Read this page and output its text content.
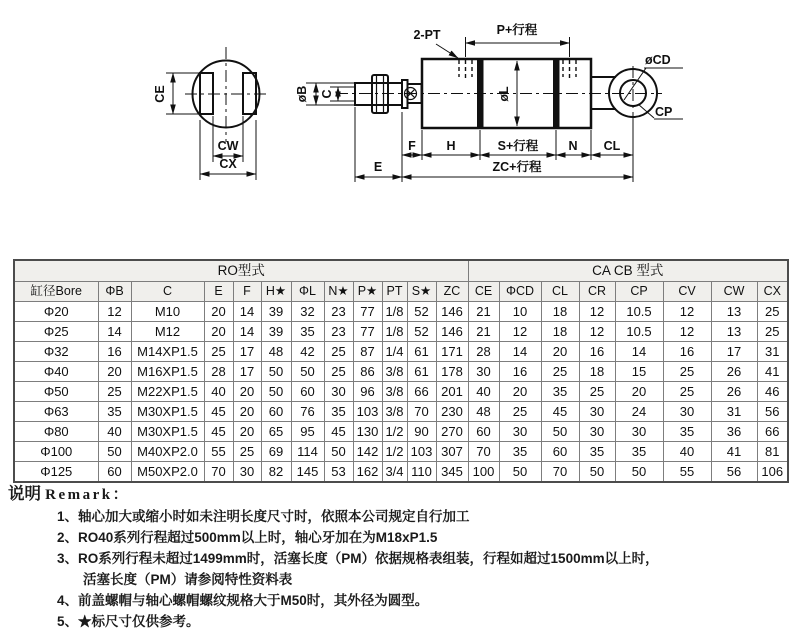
CE
CW
CX
øB C	øL
2-PT	P+行程
øCD
CP
F H	S+行程 N CL
E	ZC+行程
RO型式												CA CB 型式							
缸径Bore	ΦB	C	E	F	H★	ΦL	N★	P★	PT	S★	ZC	CE	ΦCD	CL	CR	CP	CV	CW	CX
Φ20	12	M10	20	14	39	32	23	77	1/8	52	146	21	10	18	12	10.5	12	13	25
Φ25	14	M12	20	14	39	35	23	77	1/8	52	146	21	12	18	12	10.5	12	13	25
Φ32	16	M14XP1.5	25	17	48	42	25	87	1/4	61	171	28	14	20	16	14	16	17	31
Φ40	20	M16XP1.5	28	17	50	50	25	86	3/8	61	178	30	16	25	18	15	25	26	41
Φ50	25	M22XP1.5	40	20	50	60	30	96	3/8	66	201	40	20	35	25	20	25	26	46
Φ63	35	M30XP1.5	45	20	60	76	35	103	3/8	70	230	48	25	45	30	24	30	31	56
Φ80	40	M30XP1.5	45	20	65	95	45	130	1/2	90	270	60	30	50	30	30	35	36	66
Φ100	50	M40XP2.0	55	25	69	114	50	142	1/2	103	307	70	35	60	35	35	40	41	81
Φ125	60	M50XP2.0	70	30	82	145	53	162	3/4	110	345	100	50	70	50	50	55	56	106
说明 Remark：
1、轴心加大或缩小时如未注明长度尺寸时，依照本公司规定自行加工
2、RO40系列行程超过500mm以上时，轴心牙加在为M18xP1.5
3、RO系列行程未超过1499mm时，活塞长度（PM）依据规格表组装，行程如超过1500mm以上时，
活塞长度（PM）请参阅特性资料表
4、前盖螺帽与轴心螺帽螺纹规格大于M50时，其外径为圆型。
5、★标尺寸仅供参考。
